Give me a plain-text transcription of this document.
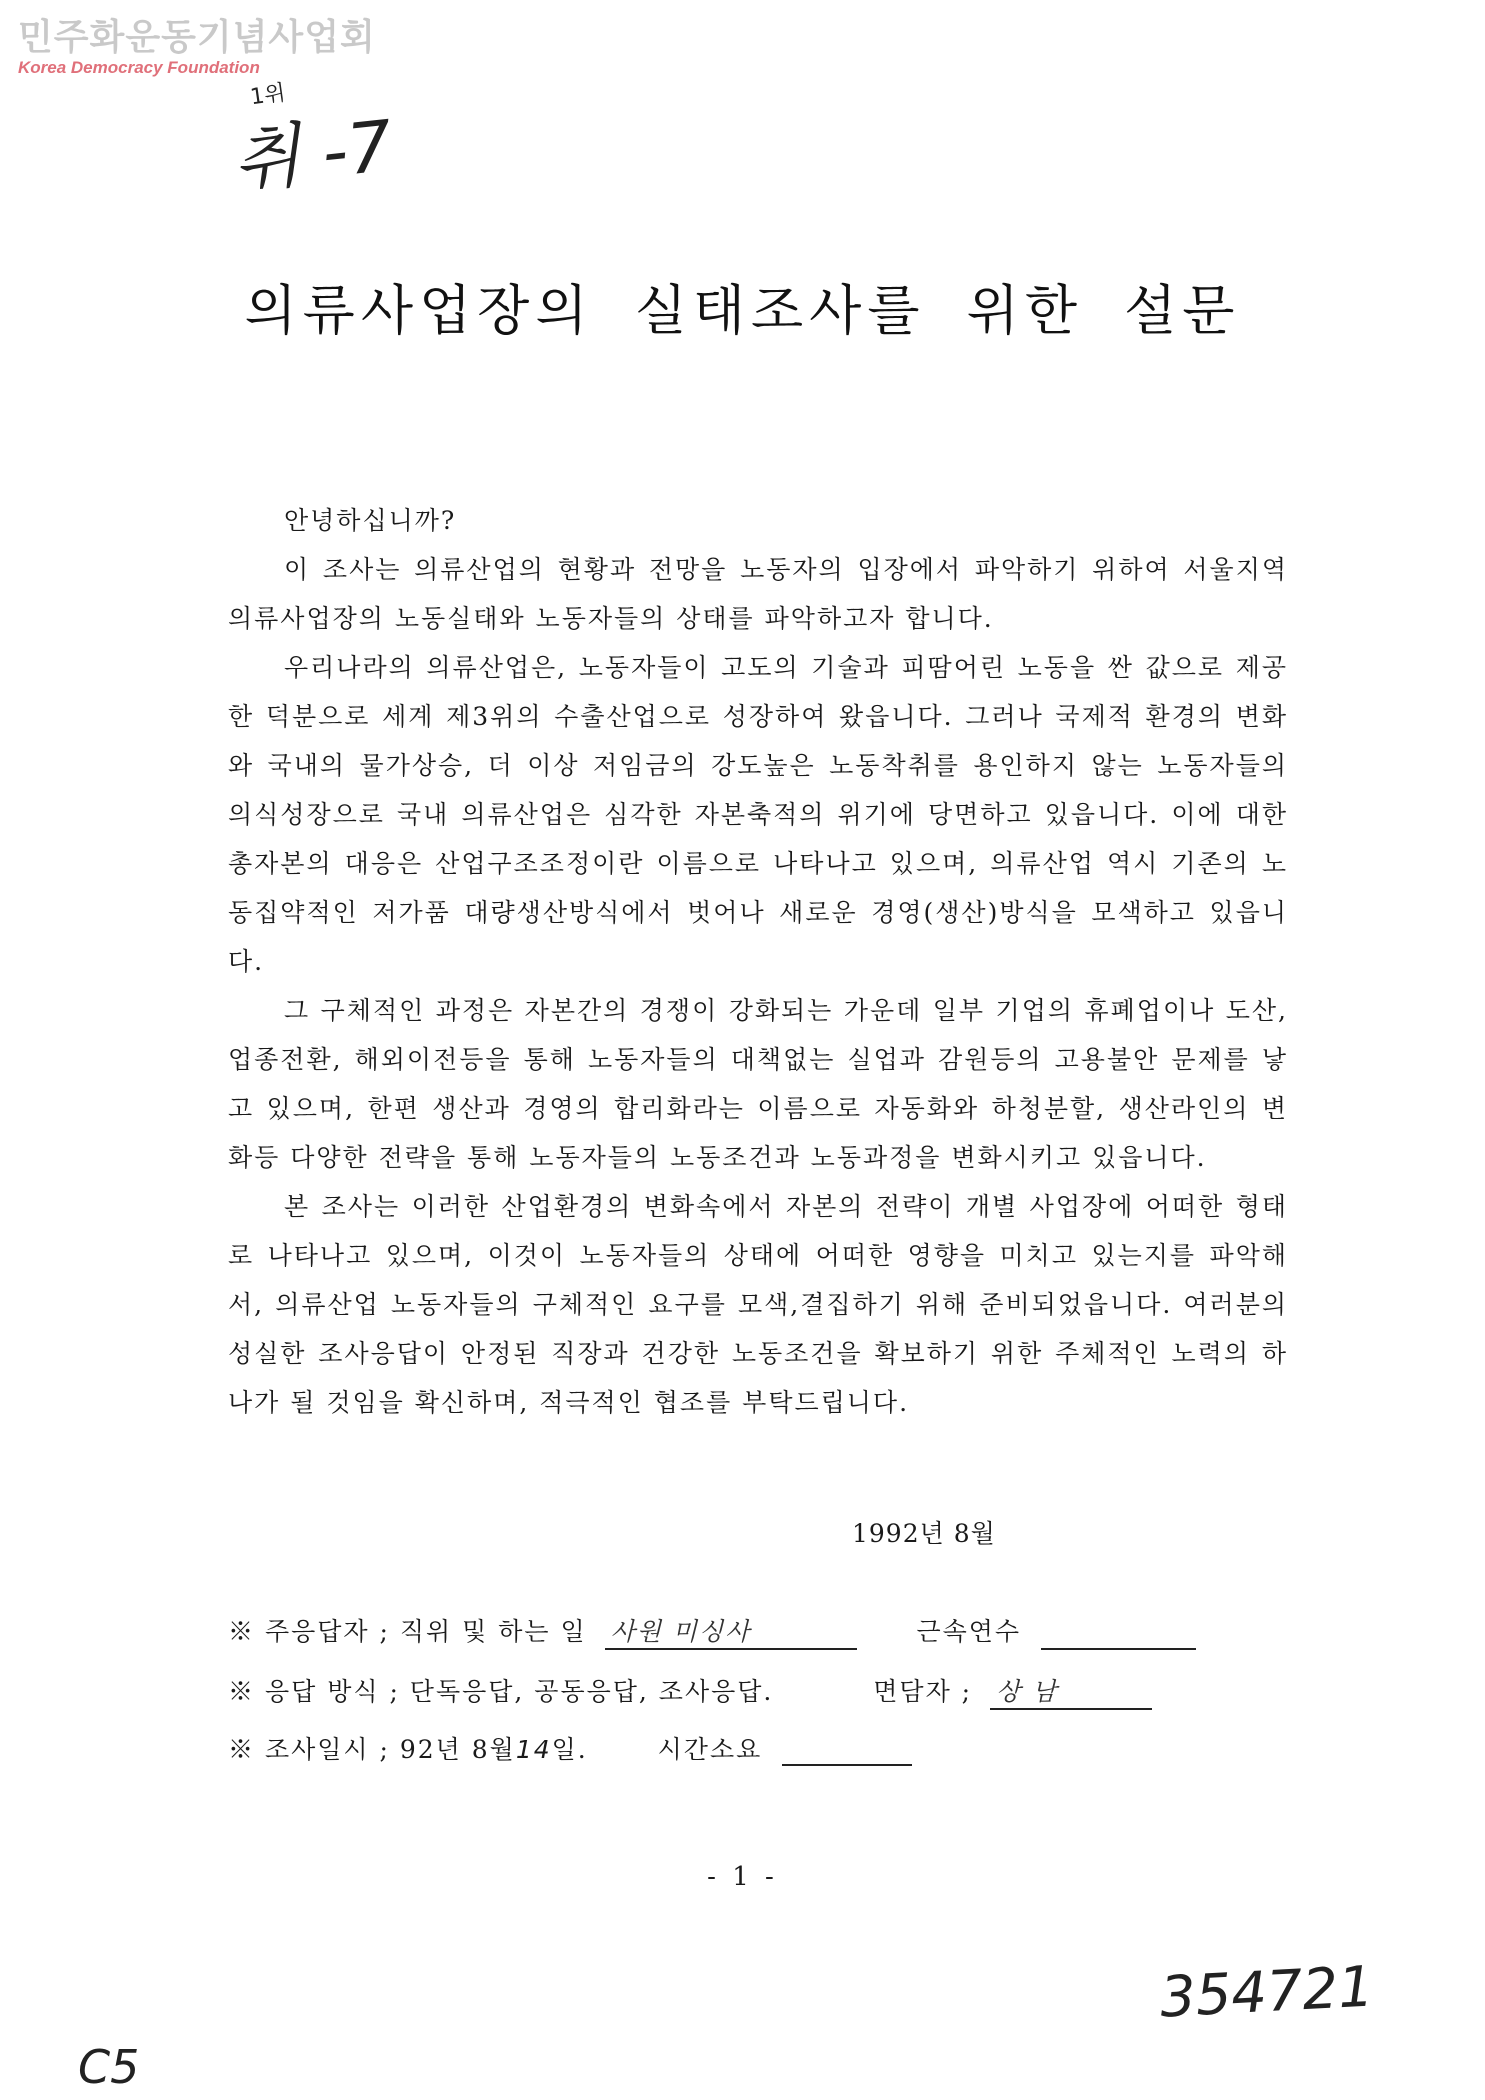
민주화운동기념사업회
Korea Democracy Foundation
1위
취 -7
의류사업장의 실태조사를 위한 설문

안녕하십니까?

이 조사는 의류산업의 현황과 전망을 노동자의 입장에서 파악하기 위하여 서울지역 의류사업장의 노동실태와 노동자들의 상태를 파악하고자 합니다.

우리나라의 의류산업은, 노동자들이 고도의 기술과 피땀어린 노동을 싼 값으로 제공한 덕분으로 세계 제3위의 수출산업으로 성장하여 왔읍니다. 그러나 국제적 환경의 변화와 국내의 물가상승, 더 이상 저임금의 강도높은 노동착취를 용인하지 않는 노동자들의 의식성장으로 국내 의류산업은 심각한 자본축적의 위기에 당면하고 있읍니다. 이에 대한 총자본의 대응은 산업구조조정이란 이름으로 나타나고 있으며, 의류산업 역시 기존의 노동집약적인 저가품 대량생산방식에서 벗어나 새로운 경영(생산)방식을 모색하고 있읍니다.

그 구체적인 과정은 자본간의 경쟁이 강화되는 가운데 일부 기업의 휴폐업이나 도산, 업종전환, 해외이전등을 통해 노동자들의 대책없는 실업과 감원등의 고용불안 문제를 낳고 있으며, 한편 생산과 경영의 합리화라는 이름으로 자동화와 하청분할, 생산라인의 변화등 다양한 전략을 통해 노동자들의 노동조건과 노동과정을 변화시키고 있읍니다.

본 조사는 이러한 산업환경의 변화속에서 자본의 전략이 개별 사업장에 어떠한 형태로 나타나고 있으며, 이것이 노동자들의 상태에 어떠한 영향을 미치고 있는지를 파악해서, 의류산업 노동자들의 구체적인 요구를 모색,결집하기 위해 준비되었읍니다. 여러분의 성실한 조사응답이 안정된 직장과 건강한 노동조건을 확보하기 위한 주체적인 노력의 하나가 될 것임을 확신하며, 적극적인 협조를 부탁드립니다.

1992년 8월
※ 주응답자 ; 직위 및 하는 일 사원 미싱사	근속연수
※ 응답 방식 ; 단독응답, 공동응답, 조사응답.	면담자 ; 상 남
※ 조사일시 ; 92년 8월14일.	시간소요
- 1 -
354721
C5
